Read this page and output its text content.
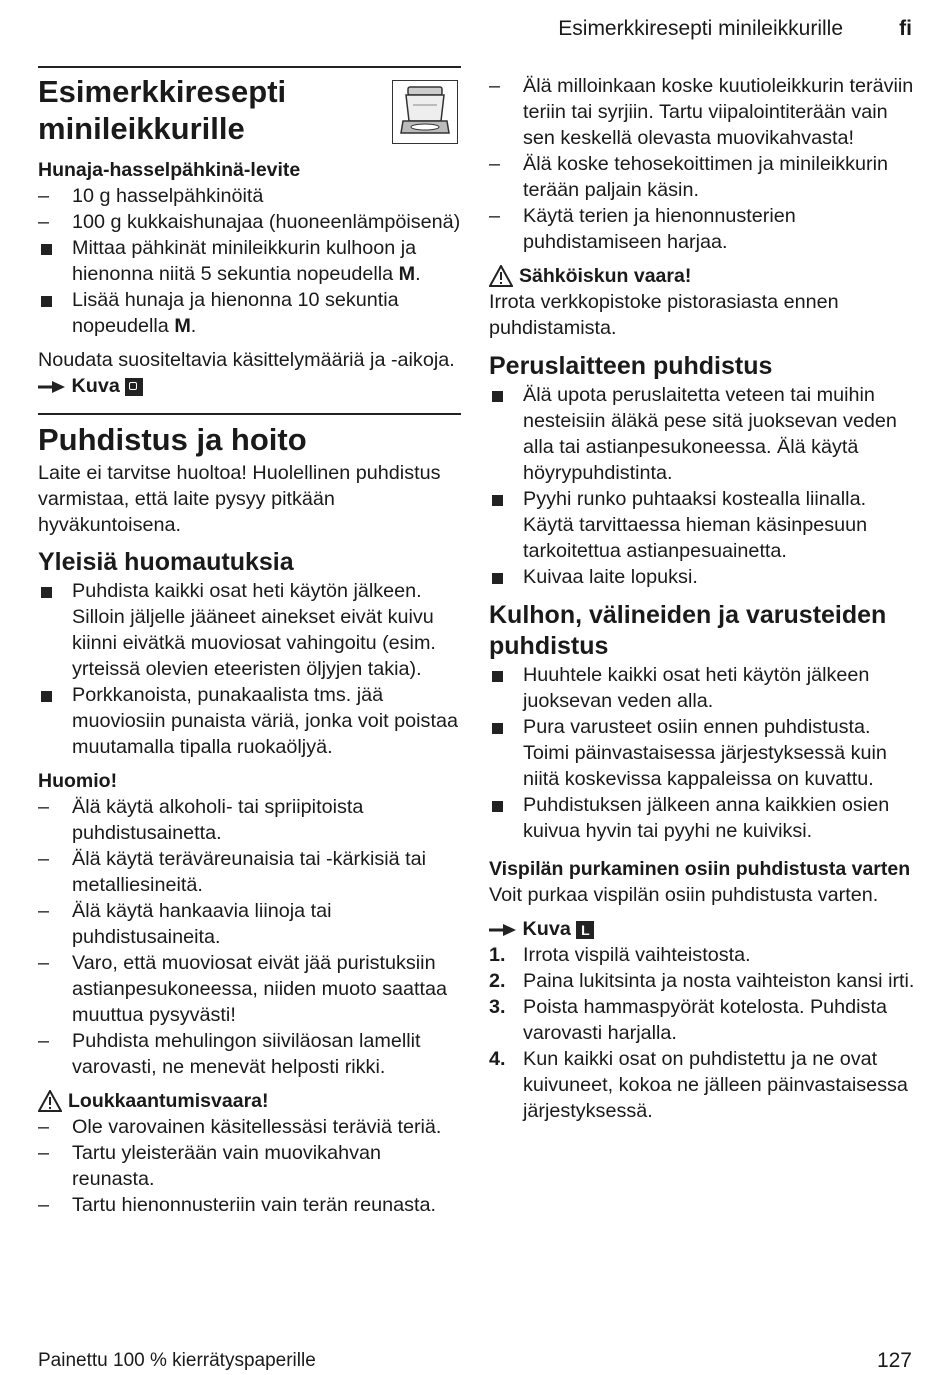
Esimerkkiresepti minileikkurille	fi
Esimerkkiresepti
minileikkurille
Hunaja-hasselpähkinä-levite
–	10 g hasselpähkinöitä
–	100 g kukkaishunajaa (huoneenlämpöisenä)
Mittaa pähkinät minileikkurin kulhoon ja hienonna niitä 5 sekuntia nopeudella M.
Lisää hunaja ja hienonna 10 sekuntia nopeudella M.
Noudata suositeltavia käsittelymääriä ja -aikoja.  Kuva
Puhdistus ja hoito
Laite ei tarvitse huoltoa! Huolellinen puhdistus varmistaa, että laite pysyy pitkään hyväkuntoisena.
Yleisiä huomautuksia
Puhdista kaikki osat heti käytön jälkeen. Silloin jäljelle jääneet ainekset eivät kuivu kiinni eivätkä muoviosat vahingoitu (esim. yrteissä olevien eteeristen öljyjen takia).
Porkkanoista, punakaalista tms. jää muoviosiin punaista väriä, jonka voit poistaa muutamalla tipalla ruokaöljyä.
Huomio!
–	Älä käytä alkoholi- tai spriipitoista puhdistusainetta.
–	Älä käytä teräväreunaisia tai -kärkisiä tai metalliesineitä.
–	Älä käytä hankaavia liinoja tai puhdistusaineita.
–	Varo, että muoviosat eivät jää puristuksiin astianpesukoneessa, niiden muoto saattaa muuttua pysyvästi!
–	Puhdista mehulingon siiviläosan lamellit varovasti, ne menevät helposti rikki.
Loukkaantumisvaara!
–	Ole varovainen käsitellessäsi teräviä teriä.
–	Tartu yleisterään vain muovikahvan reunasta.
–	Tartu hienonnusteriin vain terän reunasta.
–	Älä milloinkaan koske kuutioleikkurin teräviin teriin tai syrjiin. Tartu viipalointiterään vain sen keskellä olevasta muovikahvasta!
–	Älä koske tehosekoittimen ja minileikkurin terään paljain käsin.
–	Käytä terien ja hienonnusterien puhdistamiseen harjaa.
Sähköiskun vaara!
Irrota verkkopistoke pistorasiasta ennen puhdistamista.
Peruslaitteen puhdistus
Älä upota peruslaitetta veteen tai muihin nesteisiin äläkä pese sitä juoksevan veden alla tai astianpesukoneessa. Älä käytä höyrypuhdistinta.
Pyyhi runko puhtaaksi kostealla liinalla. Käytä tarvittaessa hieman käsinpesuun tarkoitettua astianpesuainetta.
Kuivaa laite lopuksi.
Kulhon, välineiden ja varusteiden puhdistus
Huuhtele kaikki osat heti käytön jälkeen juoksevan veden alla.
Pura varusteet osiin ennen puhdistusta. Toimi päinvastaisessa järjestyksessä kuin niitä koskevissa kappaleissa on kuvattu.
Puhdistuksen jälkeen anna kaikkien osien kuivua hyvin tai pyyhi ne kuiviksi.
Vispilän purkaminen osiin puhdistusta varten
Voit purkaa vispilän osiin puhdistusta varten.
Kuva L
1. Irrota vispilä vaihteistosta.
2. Paina lukitsinta ja nosta vaihteiston kansi irti.
3. Poista hammaspyörät kotelosta. Puhdista varovasti harjalla.
4. Kun kaikki osat on puhdistettu ja ne ovat kuivuneet, kokoa ne jälleen päinvastaisessa järjestyksessä.
Painettu 100 % kierrätyspaperille	127
